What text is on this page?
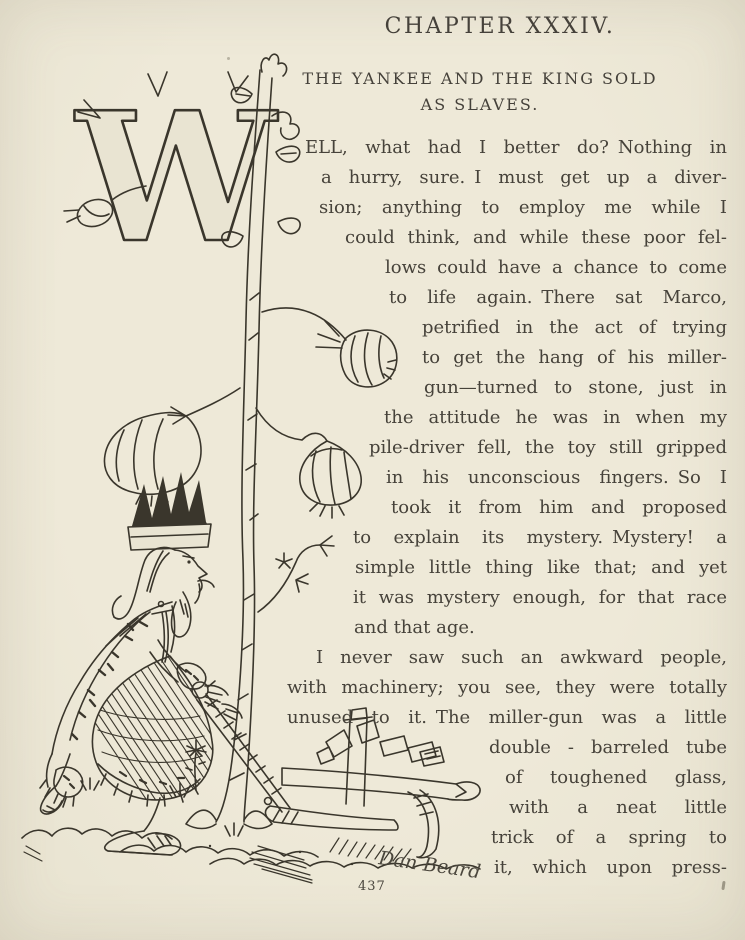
CHAPTER XXXIV.
THE YANKEE AND THE KING SOLD
AS SLAVES.
W
Dan Beard
ELL, what had I better do? Nothing in
a hurry, sure. I must get up a diver-
sion; anything to employ me while I
could think, and while these poor fel-
lows could have a chance to come
to life again. There sat Marco,
petrified in the act of trying
to get the hang of his miller-
gun—turned to stone, just in
the attitude he was in when my
pile-driver fell, the toy still gripped
in his unconscious fingers. So I
took it from him and proposed
to explain its mystery. Mystery! a
simple little thing like that; and yet
it was mystery enough, for that race
and that age.
I never saw such an awkward people,
with machinery; you see, they were totally
unused to it. The miller-gun was a little
double - barreled tube
of toughened glass,
with a neat little
trick of a spring to
it, which upon press-
437
